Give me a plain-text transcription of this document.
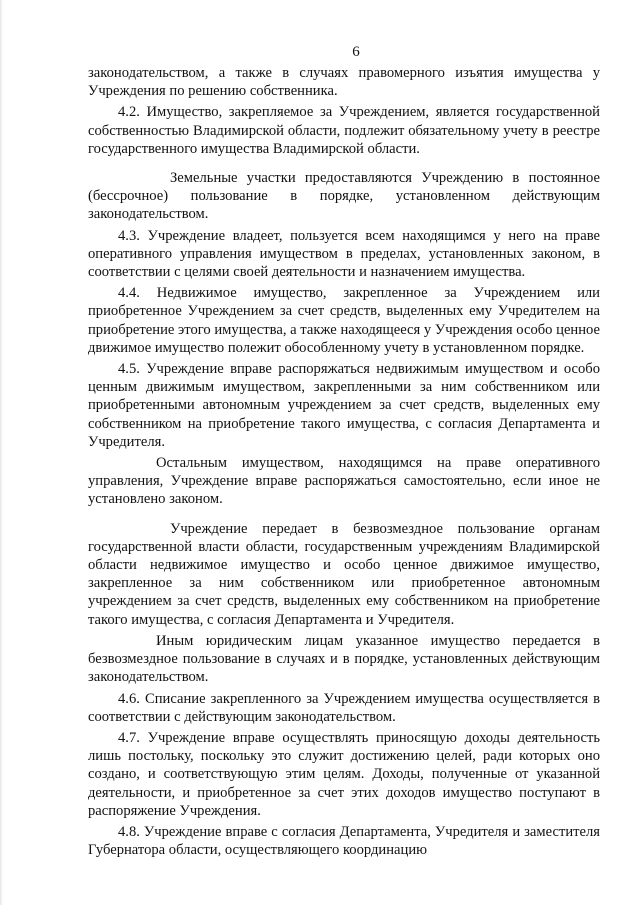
6

законодательством, а также в случаях правомерного изъятия имущества у Учреждения по решению собственника.

4.2. Имущество, закрепляемое за Учреждением, является государственной собственностью Владимирской области, подлежит обязательному учету в реестре государственного имущества Владимирской области.

Земельные участки предоставляются Учреждению в постоянное (бессрочное) пользование в порядке, установленном действующим законодательством.

4.3. Учреждение владеет, пользуется всем находящимся у него на праве оперативного управления имуществом в пределах, установленных законом, в соответствии с целями своей деятельности и назначением имущества.

4.4. Недвижимое имущество, закрепленное за Учреждением или приобретенное Учреждением за счет средств, выделенных ему Учредителем на приобретение этого имущества, а также находящееся у Учреждения особо ценное движимое имущество полежит обособленному учету в установленном порядке.

4.5. Учреждение вправе распоряжаться недвижимым имуществом и особо ценным движимым имуществом, закрепленными за ним собственником или приобретенными автономным учреждением за счет средств, выделенных ему собственником на приобретение такого имущества, с согласия Департамента и Учредителя.

Остальным имуществом, находящимся на праве оперативного управления, Учреждение вправе распоряжаться самостоятельно, если иное не установлено законом.

Учреждение передает в безвозмездное пользование органам государственной власти области, государственным учреждениям Владимирской области недвижимое имущество и особо ценное движимое имущество, закрепленное за ним собственником или приобретенное автономным учреждением за счет средств, выделенных ему собственником на приобретение такого имущества, с согласия Департамента и Учредителя.

Иным юридическим лицам указанное имущество передается в безвозмездное пользование в случаях и в порядке, установленных действующим законодательством.

4.6. Списание закрепленного за Учреждением имущества осуществляется в соответствии с действующим законодательством.

4.7. Учреждение вправе осуществлять приносящую доходы деятельность лишь постольку, поскольку это служит достижению целей, ради которых оно создано, и соответствующую этим целям. Доходы, полученные от указанной деятельности, и приобретенное за счет этих доходов имущество поступают в распоряжение Учреждения.

4.8. Учреждение вправе с согласия Департамента, Учредителя и заместителя Губернатора области, осуществляющего координацию
